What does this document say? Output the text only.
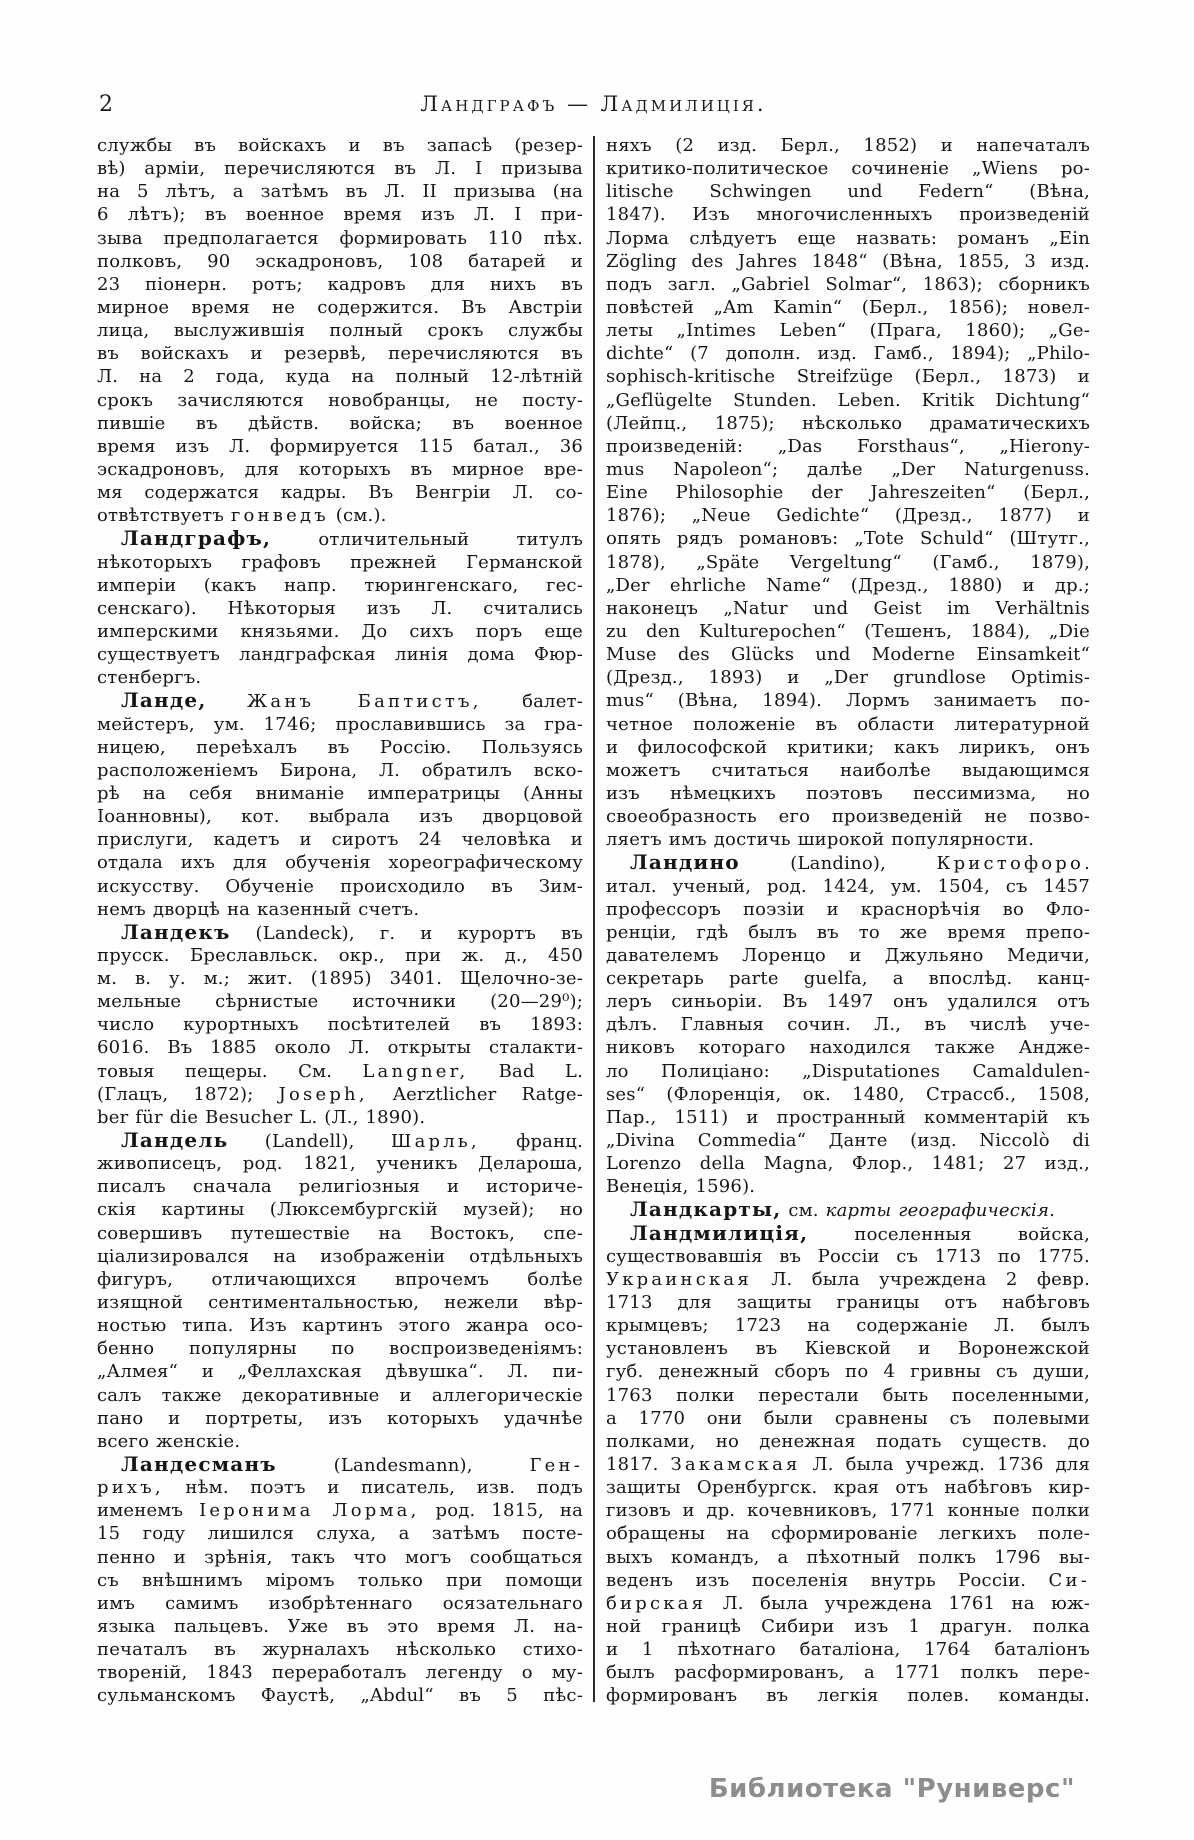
2	Ландграфъ — Ладмилиція.
службы въ войскахъ и въ запасѣ (резер-
вѣ) арміи, перечисляются въ Л. I призыва
на 5 лѣтъ, а затѣмъ въ Л. II призыва (на
6 лѣтъ); въ военное время изъ Л. I при-
зыва предполагается формировать 110 пѣх.
полковъ, 90 эскадроновъ, 108 батарей и
23 піонерн. ротъ; кадровъ для нихъ въ
мирное время не содержится. Въ Австріи
лица, выслужившія полный срокъ службы
въ войскахъ и резервѣ, перечисляются въ
Л. на 2 года, куда на полный 12-лѣтній
срокъ зачисляются новобранцы, не посту-
пившіе въ дѣйств. войска; въ военное
время изъ Л. формируется 115 батал., 36
эскадроновъ, для которыхъ въ мирное вре-
мя содержатся кадры. Въ Венгріи Л. со-
отвѣтствуетъ гонведъ (см.).
Ландграфъ, отличительный титулъ
нѣкоторыхъ графовъ прежней Германской
имперіи (какъ напр. тюрингенскаго, гес-
сенскаго). Нѣкоторыя изъ Л. считались
имперскими князьями. До сихъ поръ еще
существуетъ ландграфская линія дома Фюр-
стенбергъ.
Ланде, Жанъ Баптистъ, балет-
мейстеръ, ум. 1746; прославившись за гра-
ницею, переѣхалъ въ Россію. Пользуясь
расположеніемъ Бирона, Л. обратилъ вско-
рѣ на себя вниманіе императрицы (Анны
Іоанновны), кот. выбрала изъ дворцовой
прислуги, кадетъ и сиротъ 24 человѣка и
отдала ихъ для обученія хореографическому
искусству. Обученіе происходило въ Зим-
немъ дворцѣ на казенный счетъ.
Ландекъ (Landeck), г. и курортъ въ
прусск. Бреславльск. окр., при ж. д., 450
м. в. у. м.; жит. (1895) 3401. Щелочно-зе-
мельные сѣрнистые источники (20—29⁰);
число курортныхъ посѣтителей въ 1893:
6016. Въ 1885 около Л. открыты сталакти-
товыя пещеры. См. Langner, Bad L.
(Глацъ, 1872); Joseph, Aerztlicher Ratge-
ber für die Besucher L. (Л., 1890).
Ландель (Landell), Шарль, франц.
живописецъ, род. 1821, ученикъ Делароша,
писалъ сначала религіозныя и историче-
скія картины (Люксембургскій музей); но
совершивъ путешествіе на Востокъ, спе-
ціализировался на изображеніи отдѣльныхъ
фигуръ, отличающихся впрочемъ болѣе
изящной сентиментальностью, нежели вѣр-
ностью типа. Изъ картинъ этого жанра осо-
бенно популярны по воспроизведеніямъ:
„Алмея“ и „Феллахская дѣвушка“. Л. пи-
салъ также декоративные и аллегорическіе
пано и портреты, изъ которыхъ удачнѣе
всего женскіе.
Ландесманъ (Landesmann), Ген-
рихъ, нѣм. поэтъ и писатель, изв. подъ
именемъ Іеронима Лорма, род. 1815, на
15 году лишился слуха, а затѣмъ посте-
пенно и зрѣнія, такъ что могъ сообщаться
съ внѣшнимъ міромъ только при помощи
имъ самимъ изобрѣтеннаго осязательнаго
языка пальцевъ. Уже въ это время Л. на-
печаталъ въ журналахъ нѣсколько стихо-
твореній, 1843 переработалъ легенду о му-
сульманскомъ Фаустѣ, „Abdul“ въ 5 пѣс-
няхъ (2 изд. Берл., 1852) и напечаталъ
критико-политическое сочиненіе „Wiens po-
litische Schwingen und Federn“ (Вѣна,
1847). Изъ многочисленныхъ произведеній
Лорма слѣдуетъ еще назвать: романъ „Ein
Zögling des Jahres 1848“ (Вѣна, 1855, 3 изд.
подъ загл. „Gabriel Solmar“, 1863); сборникъ
повѣстей „Am Kamin“ (Берл., 1856); новел-
леты „Intimes Leben“ (Прага, 1860); „Ge-
dichte“ (7 дополн. изд. Гамб., 1894); „Philo-
sophisch-kritische Streifzüge (Берл., 1873) и
„Geflügelte Stunden. Leben. Kritik Dichtung“
(Лейпц., 1875); нѣсколько драматическихъ
произведеній: „Das Forsthaus“, „Hierony-
mus Napoleon“; далѣе „Der Naturgenuss.
Eine Philosophie der Jahreszeiten“ (Берл.,
1876); „Neue Gedichte“ (Дрезд., 1877) и
опять рядъ романовъ: „Tote Schuld“ (Штутг.,
1878), „Späte Vergeltung“ (Гамб., 1879),
„Der ehrliche Name“ (Дрезд., 1880) и др.;
наконецъ „Natur und Geist im Verhältnis
zu den Kulturepochen“ (Тешенъ, 1884), „Die
Muse des Glücks und Moderne Einsamkeit“
(Дрезд., 1893) и „Der grundlose Optimis-
mus“ (Вѣна, 1894). Лормъ занимаетъ по-
четное положеніе въ области литературной
и философской критики; какъ лирикъ, онъ
можетъ считаться наиболѣе выдающимся
изъ нѣмецкихъ поэтовъ пессимизма, но
своеобразность его произведеній не позво-
ляетъ имъ достичь широкой популярности.
Ландино (Landino), Кристофоро.
итал. ученый, род. 1424, ум. 1504, съ 1457
профессоръ поэзіи и краснорѣчія во Фло-
ренціи, гдѣ былъ въ то же время препо-
давателемъ Лоренцо и Джульяно Медичи,
секретарь parte guelfa, а впослѣд. канц-
леръ синьоріи. Въ 1497 онъ удалился отъ
дѣлъ. Главныя сочин. Л., въ числѣ уче-
никовъ котораго находился также Андже-
ло Полиціано: „Disputationes Camaldulen-
ses“ (Флоренція, ок. 1480, Страссб., 1508,
Пар., 1511) и пространный комментарій къ
„Divina Commedia“ Данте (изд. Niccolò di
Lorenzo della Magna, Флор., 1481; 27 изд.,
Венеція, 1596).
Ландкарты, см. карты географическія.
Ландмилиція, поселенныя войска,
существовавшія въ Россіи съ 1713 по 1775.
Украинская Л. была учреждена 2 февр.
1713 для защиты границы отъ набѣговъ
крымцевъ; 1723 на содержаніе Л. былъ
установленъ въ Кіевской и Воронежской
губ. денежный сборъ по 4 гривны съ души,
1763 полки перестали быть поселенными,
а 1770 они были сравнены съ полевыми
полками, но денежная подать существ. до
1817. Закамская Л. была учрежд. 1736 для
защиты Оренбургск. края отъ набѣговъ кир-
гизовъ и др. кочевниковъ, 1771 конные полки
обращены на сформированіе легкихъ поле-
выхъ командъ, а пѣхотный полкъ 1796 вы-
веденъ изъ поселенія внутрь Россіи. Си-
бирская Л. была учреждена 1761 на юж-
ной границѣ Сибири изъ 1 драгун. полка
и 1 пѣхотнаго баталіона, 1764 баталіонъ
былъ расформированъ, а 1771 полкъ пере-
формированъ въ легкія полев. команды.
Библиотека "Руниверс"
